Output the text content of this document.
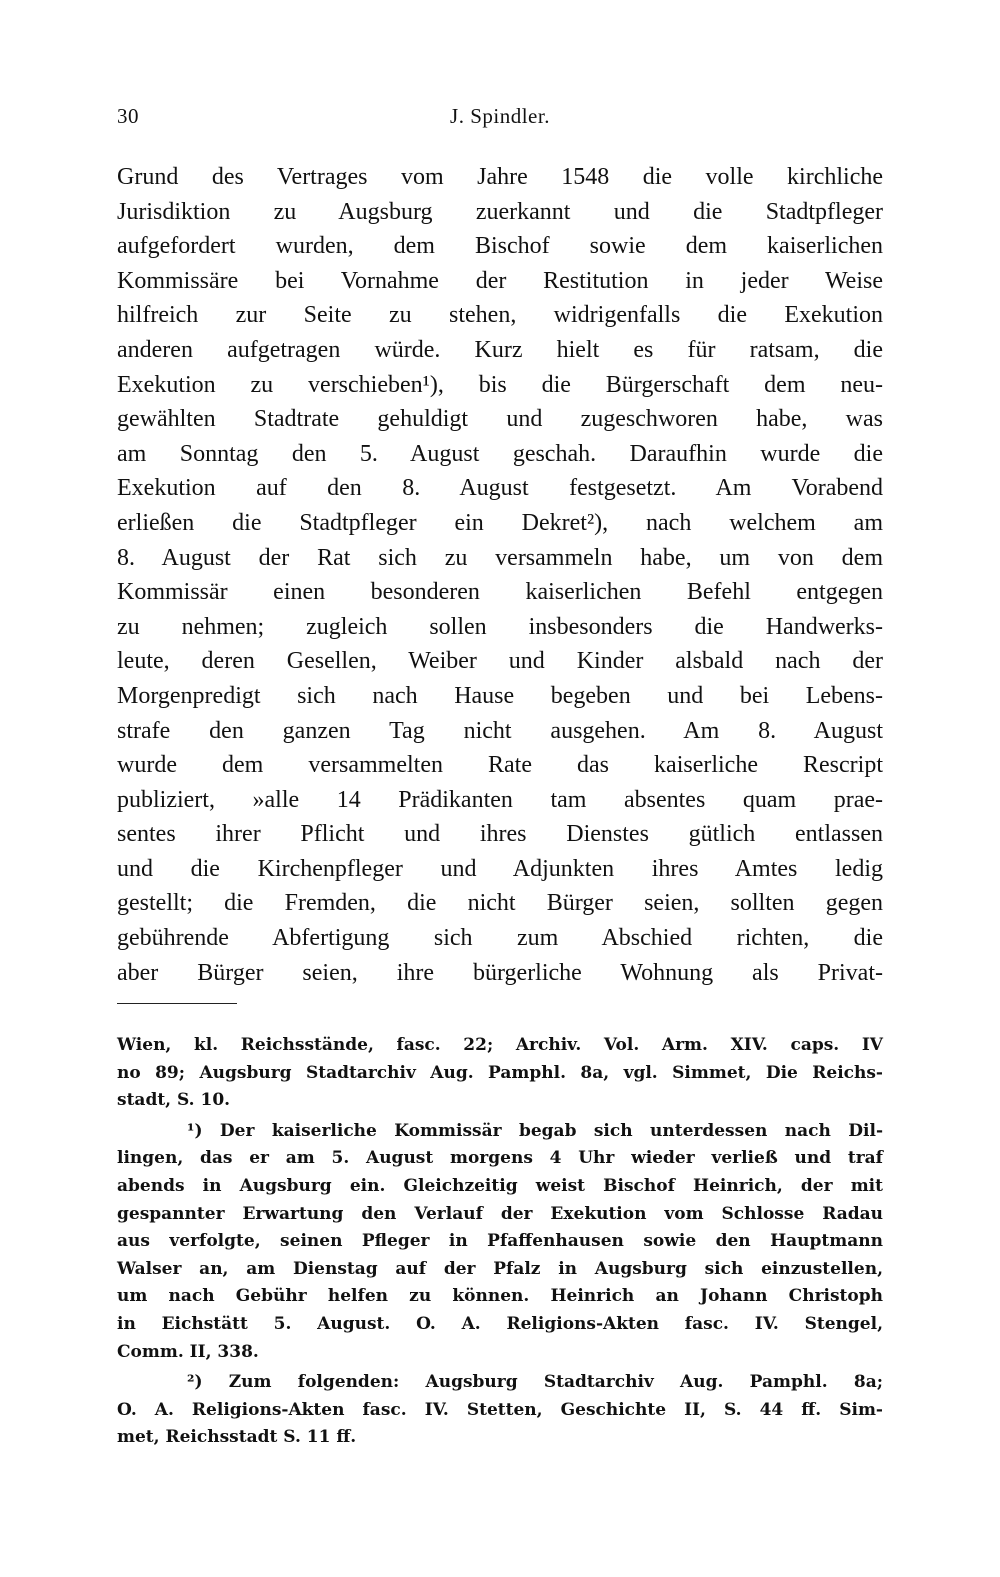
30	J. Spindler.
Grund des Vertrages vom Jahre 1548 die volle kirchliche
Jurisdiktion zu Augsburg zuerkannt und die Stadtpfleger
aufgefordert wurden, dem Bischof sowie dem kaiserlichen
Kommissäre bei Vornahme der Restitution in jeder Weise
hilfreich zur Seite zu stehen, widrigenfalls die Exekution
anderen aufgetragen würde. Kurz hielt es für ratsam, die
Exekution zu verschieben¹), bis die Bürgerschaft dem neu-
gewählten Stadtrate gehuldigt und zugeschworen habe, was
am Sonntag den 5. August geschah. Daraufhin wurde die
Exekution auf den 8. August festgesetzt. Am Vorabend
erließen die Stadtpfleger ein Dekret²), nach welchem am
8. August der Rat sich zu versammeln habe, um von dem
Kommissär einen besonderen kaiserlichen Befehl entgegen
zu nehmen; zugleich sollen insbesonders die Handwerks-
leute, deren Gesellen, Weiber und Kinder alsbald nach der
Morgenpredigt sich nach Hause begeben und bei Lebens-
strafe den ganzen Tag nicht ausgehen. Am 8. August
wurde dem versammelten Rate das kaiserliche Rescript
publiziert, »alle 14 Prädikanten tam absentes quam prae-
sentes ihrer Pflicht und ihres Dienstes gütlich entlassen
und die Kirchenpfleger und Adjunkten ihres Amtes ledig
gestellt; die Fremden, die nicht Bürger seien, sollten gegen
gebührende Abfertigung sich zum Abschied richten, die
aber Bürger seien, ihre bürgerliche Wohnung als Privat-
Wien, kl. Reichsstände, fasc. 22; Archiv. Vol. Arm. XIV. caps. IV
no 89; Augsburg Stadtarchiv Aug. Pamphl. 8a, vgl. Simmet, Die Reichs-
stadt, S. 10.
¹) Der kaiserliche Kommissär begab sich unterdessen nach Dil-
lingen, das er am 5. August morgens 4 Uhr wieder verließ und traf
abends in Augsburg ein. Gleichzeitig weist Bischof Heinrich, der mit
gespannter Erwartung den Verlauf der Exekution vom Schlosse Radau
aus verfolgte, seinen Pfleger in Pfaffenhausen sowie den Hauptmann
Walser an, am Dienstag auf der Pfalz in Augsburg sich einzustellen,
um nach Gebühr helfen zu können. Heinrich an Johann Christoph
in Eichstätt 5. August. O. A. Religions-Akten fasc. IV. Stengel,
Comm. II, 338.
²) Zum folgenden: Augsburg Stadtarchiv Aug. Pamphl. 8a;
O. A. Religions-Akten fasc. IV. Stetten, Geschichte II, S. 44 ff. Sim-
met, Reichsstadt S. 11 ff.
